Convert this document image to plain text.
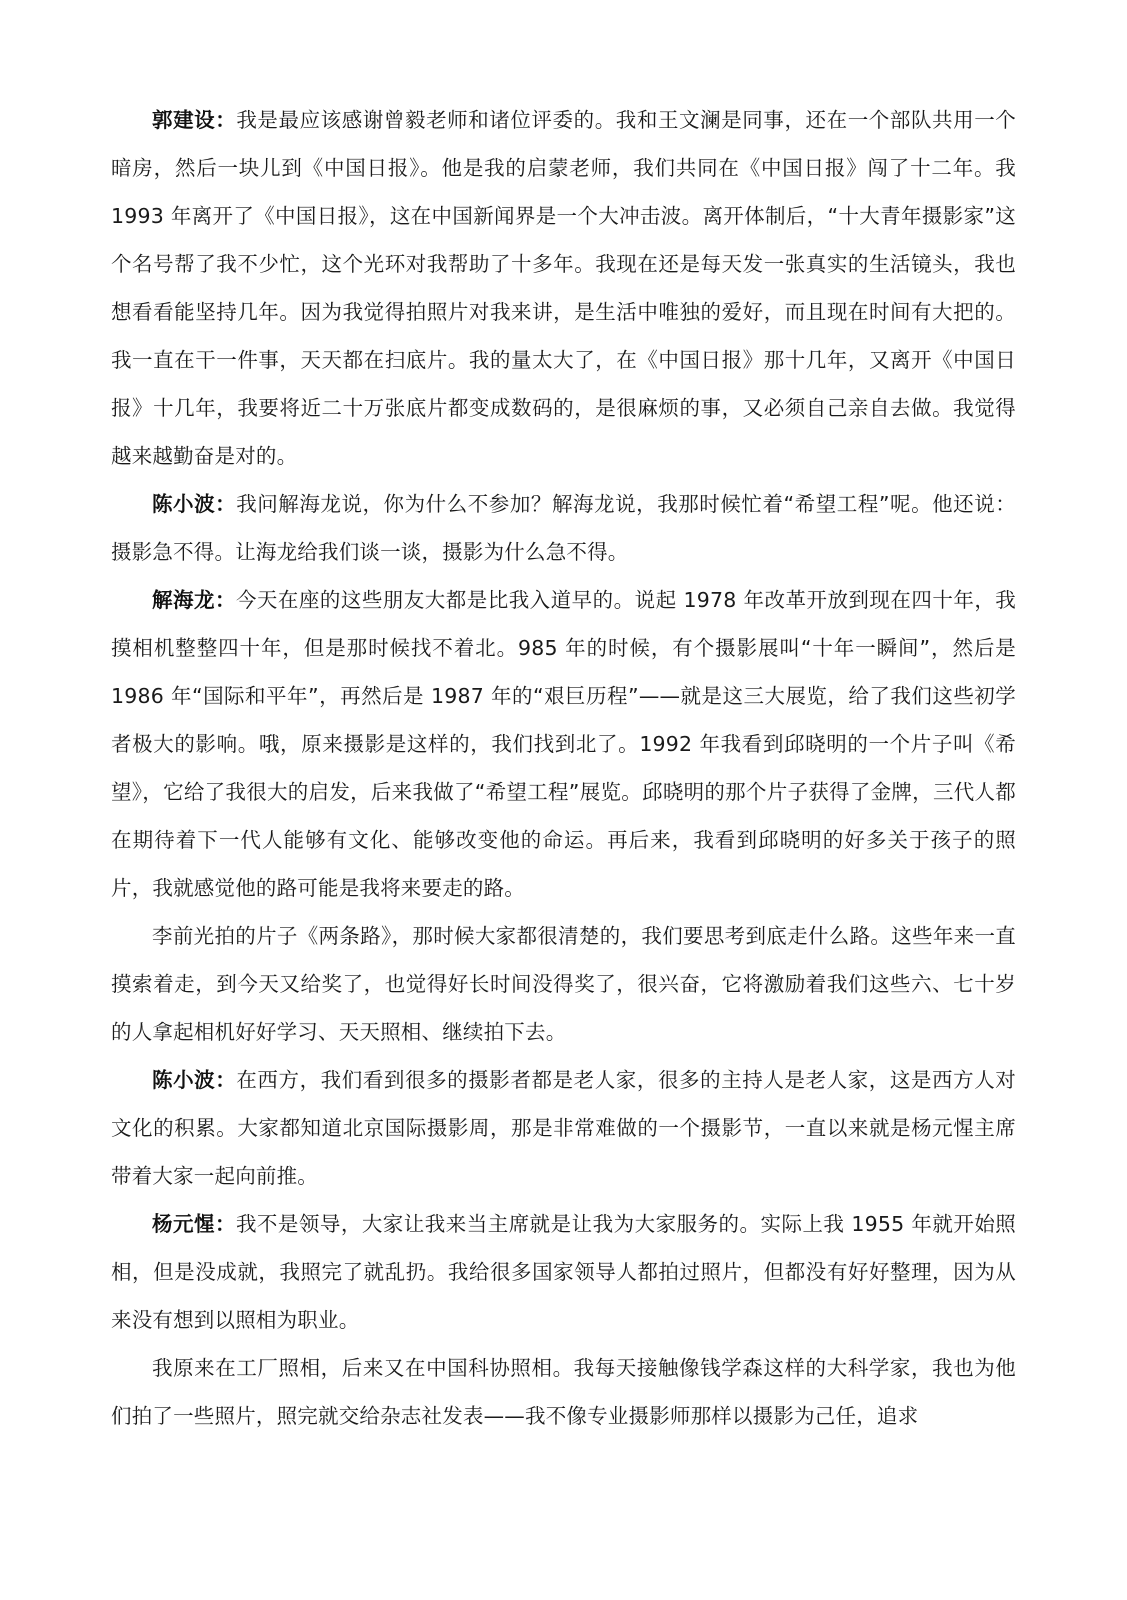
郭建设：我是最应该感谢曾毅老师和诸位评委的。我和王文澜是同事，还在一个部队共用一个暗房，然后一块儿到《中国日报》。他是我的启蒙老师，我们共同在《中国日报》闯了十二年。我 1993 年离开了《中国日报》，这在中国新闻界是一个大冲击波。离开体制后，“十大青年摄影家”这个名号帮了我不少忙，这个光环对我帮助了十多年。我现在还是每天发一张真实的生活镜头，我也想看看能坚持几年。因为我觉得拍照片对我来讲，是生活中唯独的爱好，而且现在时间有大把的。我一直在干一件事，天天都在扫底片。我的量太大了，在《中国日报》那十几年，又离开《中国日报》十几年，我要将近二十万张底片都变成数码的，是很麻烦的事，又必须自己亲自去做。我觉得越来越勤奋是对的。

陈小波：我问解海龙说，你为什么不参加？解海龙说，我那时候忙着“希望工程”呢。他还说：摄影急不得。让海龙给我们谈一谈，摄影为什么急不得。

解海龙：今天在座的这些朋友大都是比我入道早的。说起 1978 年改革开放到现在四十年，我摸相机整整四十年，但是那时候找不着北。985 年的时候，有个摄影展叫“十年一瞬间”，然后是 1986 年“国际和平年”，再然后是 1987 年的“艰巨历程”——就是这三大展览，给了我们这些初学者极大的影响。哦，原来摄影是这样的，我们找到北了。1992 年我看到邱晓明的一个片子叫《希望》，它给了我很大的启发，后来我做了“希望工程”展览。邱晓明的那个片子获得了金牌，三代人都在期待着下一代人能够有文化、能够改变他的命运。再后来，我看到邱晓明的好多关于孩子的照片，我就感觉他的路可能是我将来要走的路。

李前光拍的片子《两条路》，那时候大家都很清楚的，我们要思考到底走什么路。这些年来一直摸索着走，到今天又给奖了，也觉得好长时间没得奖了，很兴奋，它将激励着我们这些六、七十岁的人拿起相机好好学习、天天照相、继续拍下去。

陈小波：在西方，我们看到很多的摄影者都是老人家，很多的主持人是老人家，这是西方人对文化的积累。大家都知道北京国际摄影周，那是非常难做的一个摄影节，一直以来就是杨元惺主席带着大家一起向前推。

杨元惺：我不是领导，大家让我来当主席就是让我为大家服务的。实际上我 1955 年就开始照相，但是没成就，我照完了就乱扔。我给很多国家领导人都拍过照片，但都没有好好整理，因为从来没有想到以照相为职业。

我原来在工厂照相，后来又在中国科协照相。我每天接触像钱学森这样的大科学家，我也为他们拍了一些照片，照完就交给杂志社发表——我不像专业摄影师那样以摄影为己任，追求
